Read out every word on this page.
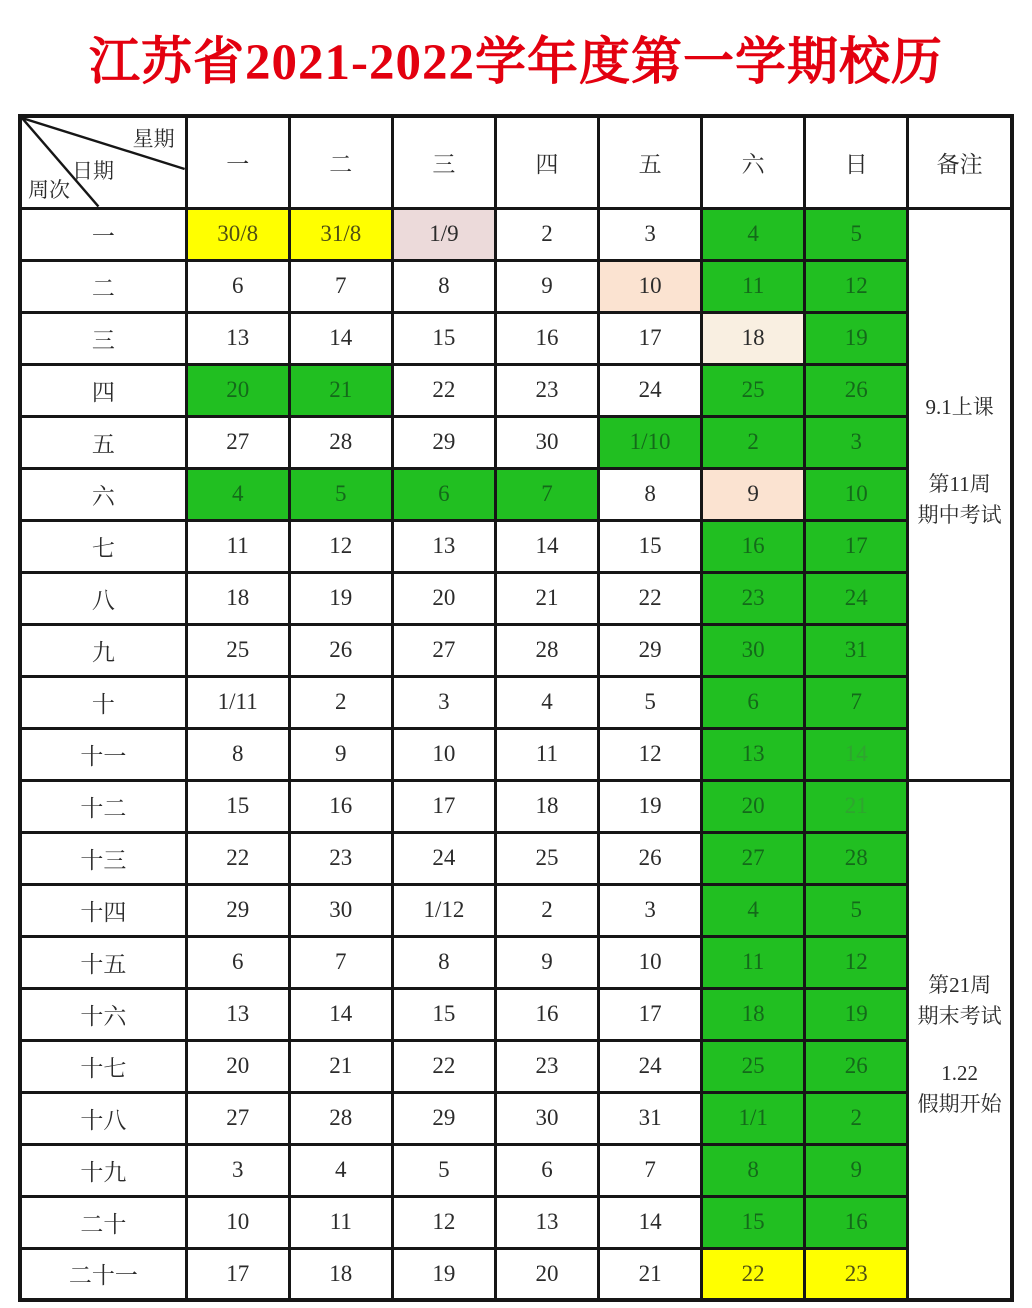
江苏省2021-2022学年度第一学期校历
星期
日期
周次	一	二	三	四	五	六	日	备注
一	30/8	31/8	1/9	2	3	4	5	9.1上课
第11周
期中考试

二	6	7	8	9	10	11	12	
三	13	14	15	16	17	18	19	
四	20	21	22	23	24	25	26	
五	27	28	29	30	1/10	2	3	
六	4	5	6	7	8	9	10	
七	11	12	13	14	15	16	17	
八	18	19	20	21	22	23	24	
九	25	26	27	28	29	30	31	
十	1/11	2	3	4	5	6	7	
十一	8	9	10	11	12	13	14	
十二	15	16	17	18	19	20	21	第21周
期末考试
1.22
假期开始

十三	22	23	24	25	26	27	28	
十四	29	30	1/12	2	3	4	5	
十五	6	7	8	9	10	11	12	
十六	13	14	15	16	17	18	19	
十七	20	21	22	23	24	25	26	
十八	27	28	29	30	31	1/1	2	
十九	3	4	5	6	7	8	9	
二十	10	11	12	13	14	15	16	
二十一	17	18	19	20	21	22	23	
